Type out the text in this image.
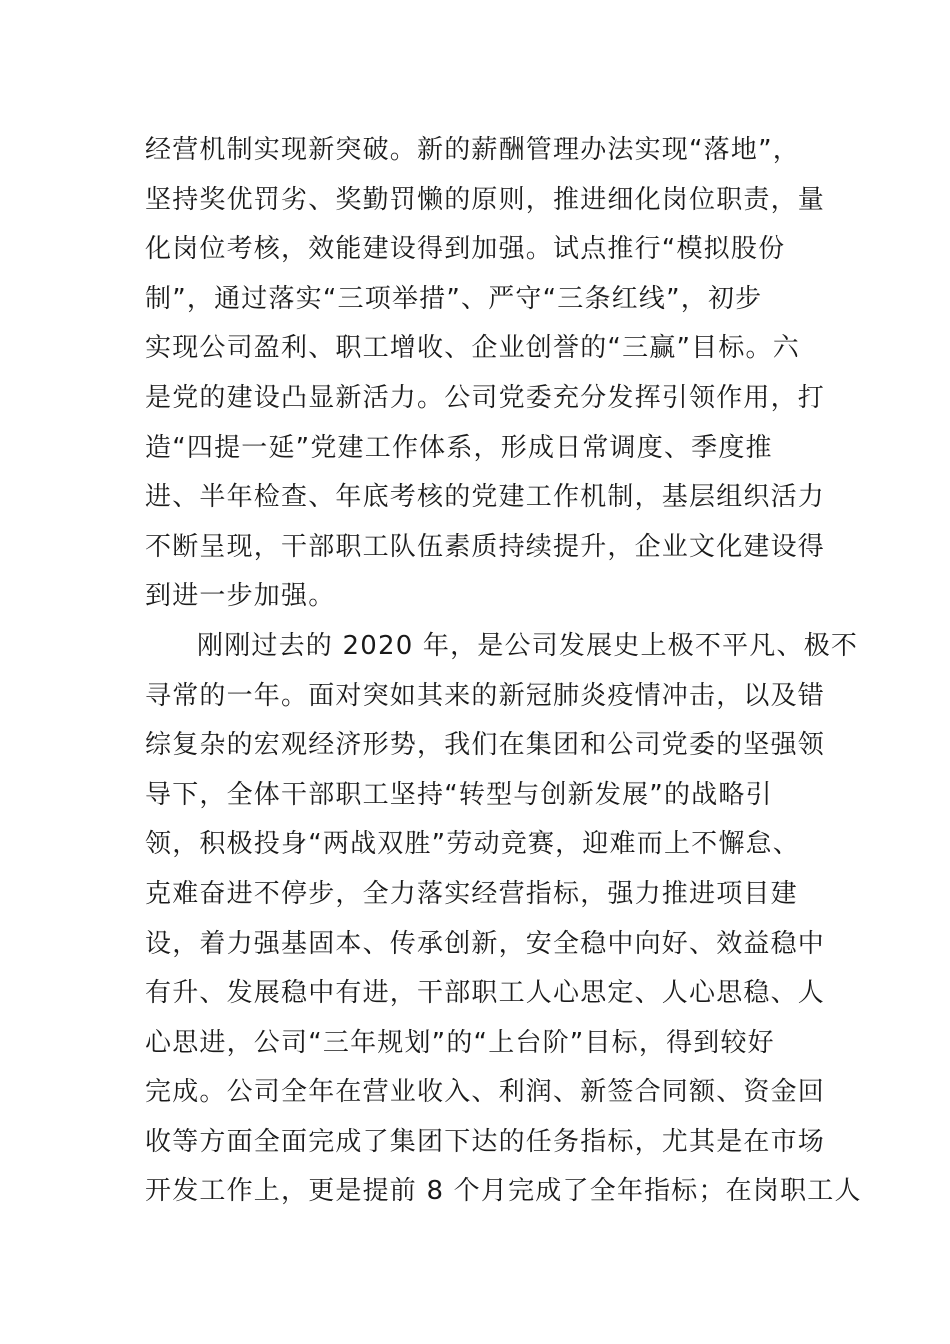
经营机制实现新突破。新的薪酬管理办法实现“落地”，
坚持奖优罚劣、奖勤罚懒的原则，推进细化岗位职责，量
化岗位考核，效能建设得到加强。试点推行“模拟股份
制”，通过落实“三项举措”、严守“三条红线”，初步
实现公司盈利、职工增收、企业创誉的“三赢”目标。六
是党的建设凸显新活力。公司党委充分发挥引领作用，打
造“四提一延”党建工作体系，形成日常调度、季度推
进、半年检查、年底考核的党建工作机制，基层组织活力
不断呈现，干部职工队伍素质持续提升，企业文化建设得
到进一步加强。
刚刚过去的 2020 年，是公司发展史上极不平凡、极不
寻常的一年。面对突如其来的新冠肺炎疫情冲击，以及错
综复杂的宏观经济形势，我们在集团和公司党委的坚强领
导下，全体干部职工坚持“转型与创新发展”的战略引
领，积极投身“两战双胜”劳动竞赛，迎难而上不懈怠、
克难奋进不停步，全力落实经营指标，强力推进项目建
设，着力强基固本、传承创新，安全稳中向好、效益稳中
有升、发展稳中有进，干部职工人心思定、人心思稳、人
心思进，公司“三年规划”的“上台阶”目标，得到较好
完成。公司全年在营业收入、利润、新签合同额、资金回
收等方面全面完成了集团下达的任务指标，尤其是在市场
开发工作上，更是提前 8 个月完成了全年指标；在岗职工人
